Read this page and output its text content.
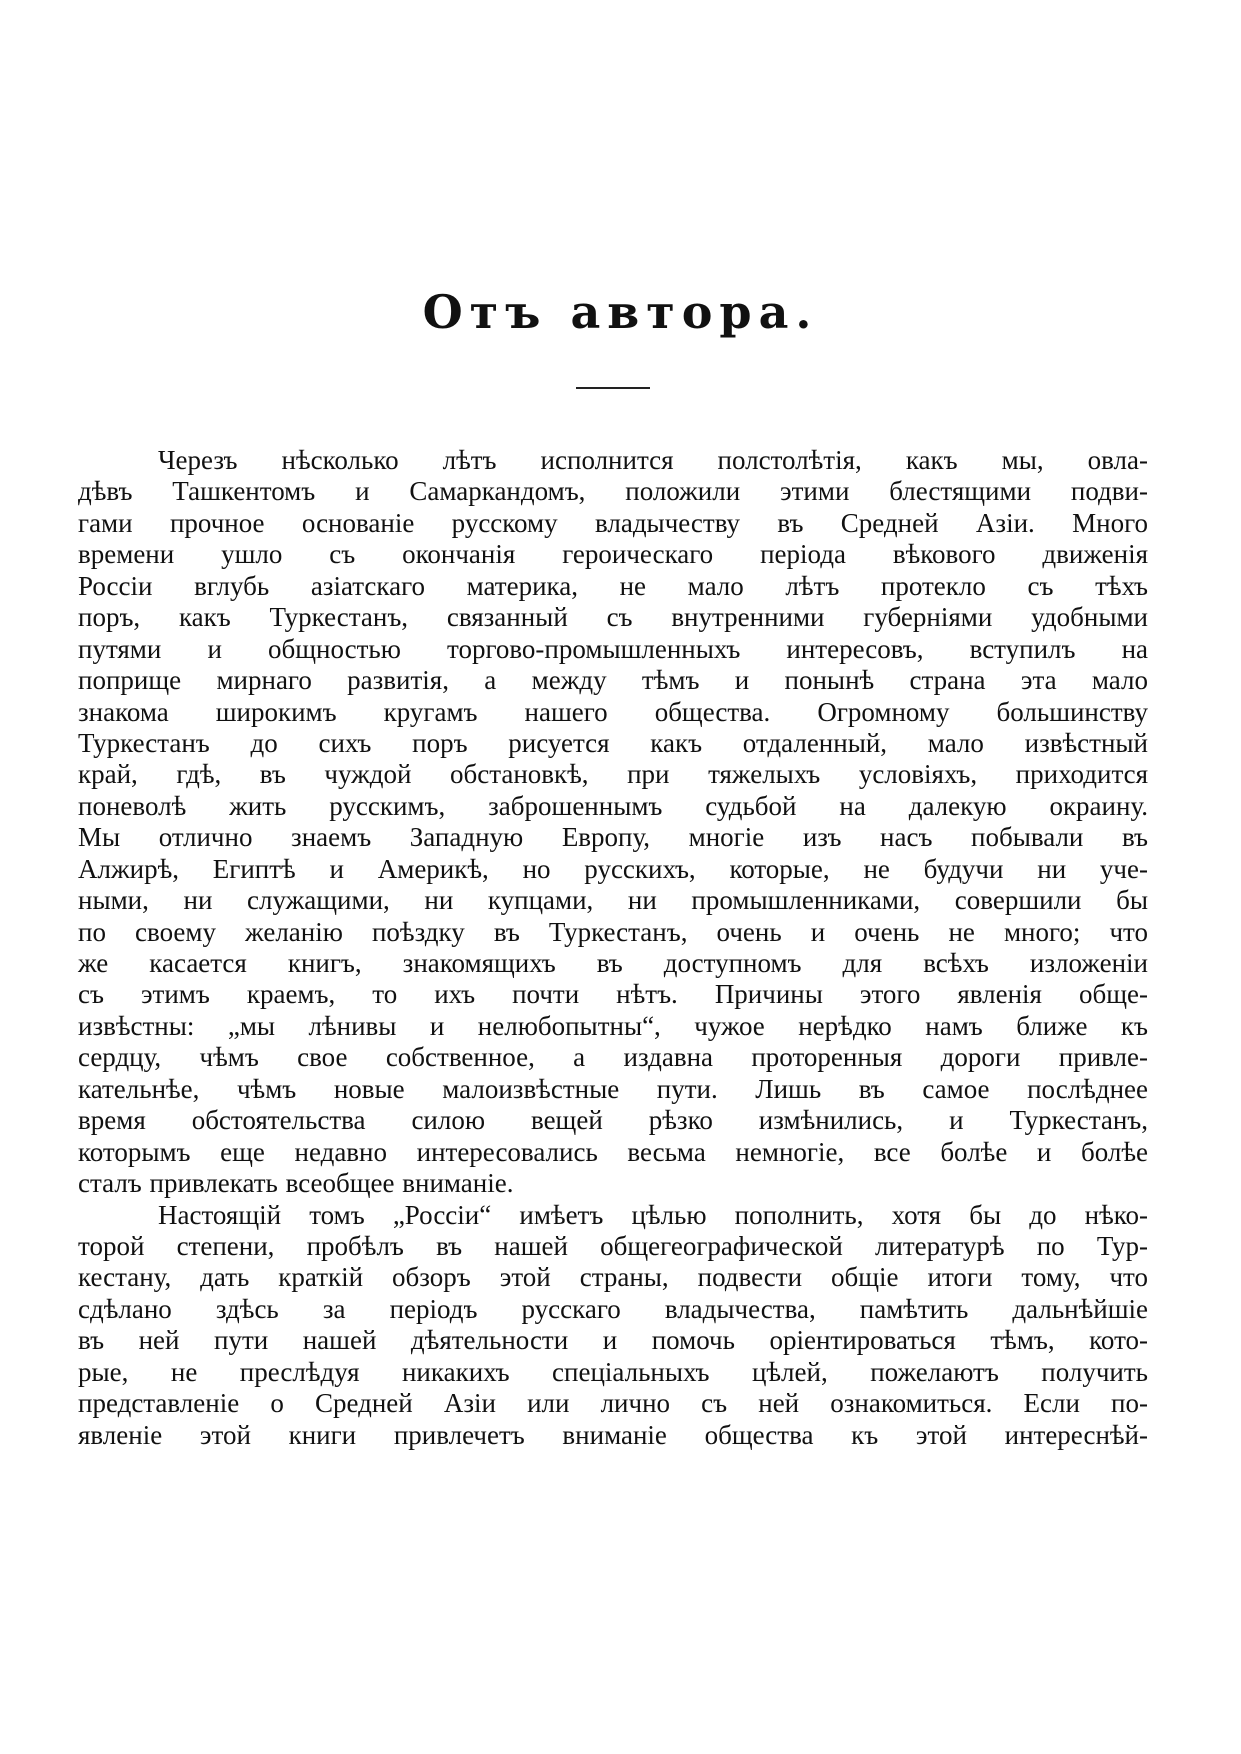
Отъ автора.
Черезъ нѣсколько лѣтъ исполнится полстолѣтія, какъ мы, овла-
дѣвъ Ташкентомъ и Самаркандомъ, положили этими блестящими подви-
гами прочное основаніе русскому владычеству въ Средней Азіи. Много
времени ушло съ окончанія героическаго періода вѣкового движенія
Россіи вглубь азіатскаго материка, не мало лѣтъ протекло съ тѣхъ
поръ, какъ Туркестанъ, связанный съ внутренними губерніями удобными
путями и общностью торгово-промышленныхъ интересовъ, вступилъ на
поприще мирнаго развитія, а между тѣмъ и понынѣ страна эта мало
знакома широкимъ кругамъ нашего общества. Огромному большинству
Туркестанъ до сихъ поръ рисуется какъ отдаленный, мало извѣстный
край, гдѣ, въ чуждой обстановкѣ, при тяжелыхъ условіяхъ, приходится
поневолѣ жить русскимъ, заброшеннымъ судьбой на далекую окраину.
Мы отлично знаемъ Западную Европу, многіе изъ насъ побывали въ
Алжирѣ, Египтѣ и Америкѣ, но русскихъ, которые, не будучи ни уче-
ными, ни служащими, ни купцами, ни промышленниками, совершили бы
по своему желанію поѣздку въ Туркестанъ, очень и очень не много; что
же касается книгъ, знакомящихъ въ доступномъ для всѣхъ изложеніи
съ этимъ краемъ, то ихъ почти нѣтъ. Причины этого явленія обще-
извѣстны: „мы лѣнивы и нелюбопытны“, чужое нерѣдко намъ ближе къ
сердцу, чѣмъ свое собственное, а издавна проторенныя дороги привле-
кательнѣе, чѣмъ новые малоизвѣстные пути. Лишь въ самое послѣднее
время обстоятельства силою вещей рѣзко измѣнились, и Туркестанъ,
которымъ еще недавно интересовались весьма немногіе, все болѣе и болѣе
сталъ привлекать всеобщее вниманіе.
Настоящій томъ „Россіи“ имѣетъ цѣлью пополнить, хотя бы до нѣко-
торой степени, пробѣлъ въ нашей общегеографической литературѣ по Тур-
кестану, дать краткій обзоръ этой страны, подвести общіе итоги тому, что
сдѣлано здѣсь за періодъ русскаго владычества, памѣтить дальнѣйшіе
въ ней пути нашей дѣятельности и помочь оріентироваться тѣмъ, кото-
рые, не преслѣдуя никакихъ спеціальныхъ цѣлей, пожелаютъ получить
представленіе о Средней Азіи или лично съ ней ознакомиться. Если по-
явленіе этой книги привлечетъ вниманіе общества къ этой интереснѣй-
